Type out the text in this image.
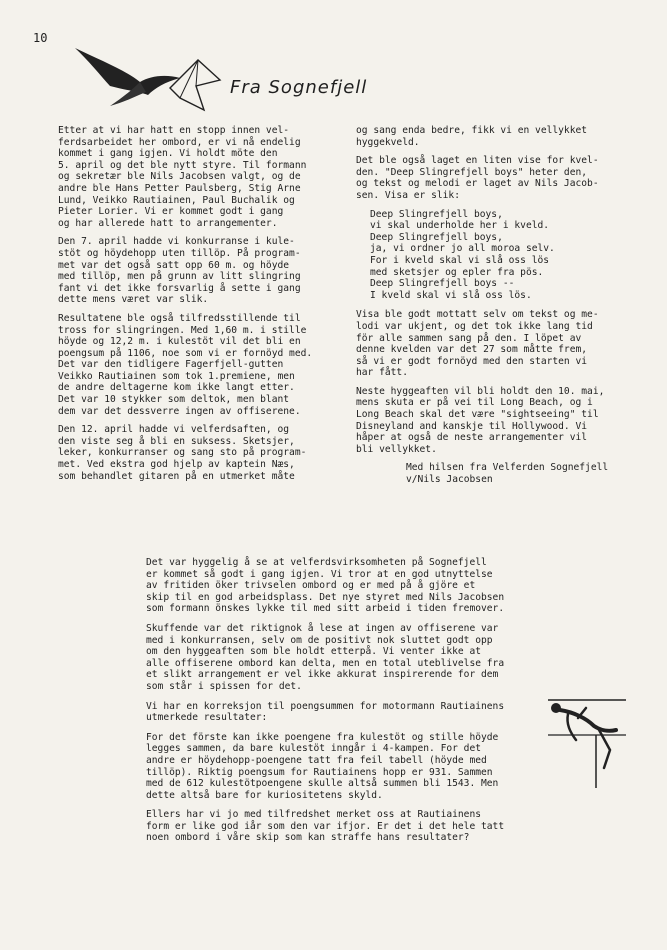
10
Fra Sognefjell

Etter at vi har hatt en stopp innen vel-
ferdsarbeidet her ombord, er vi nå endelig
kommet i gang igjen. Vi holdt möte den
5. april og det ble nytt styre. Til formann
og sekretær ble Nils Jacobsen valgt, og de
andre ble Hans Petter Paulsberg, Stig Arne
Lund, Veikko Rautiainen, Paul Buchalik og
Pieter Lorier. Vi er kommet godt i gang
og har allerede hatt to arrangementer.

Den 7. april hadde vi konkurranse i kule-
stöt og höydehopp uten tillöp. På program-
met var det også satt opp 60 m. og höyde
med tillöp, men på grunn av litt slingring
fant vi det ikke forsvarlig å sette i gang
dette mens været var slik.

Resultatene ble også tilfredsstillende til
tross for slingringen. Med 1,60 m. i stille
höyde og 12,2 m. i kulestöt vil det bli en
poengsum på 1106, noe som vi er fornöyd med.
Det var den tidligere Fagerfjell-gutten
Veikko Rautiainen som tok 1.premiene, men
de andre deltagerne kom ikke langt etter.
Det var 10 stykker som deltok, men blant
dem var det dessverre ingen av offiserene.

Den 12. april hadde vi velferdsaften, og
den viste seg å bli en suksess. Sketsjer,
leker, konkurranser og sang sto på program-
met. Ved ekstra god hjelp av kaptein Næs,
som behandlet gitaren på en utmerket måte

og sang enda bedre, fikk vi en vellykket
hyggekveld.

Det ble også laget en liten vise for kvel-
den. "Deep Slingrefjell boys" heter den,
og tekst og melodi er laget av Nils Jacob-
sen. Visa er slik:

Deep Slingrefjell boys,
vi skal underholde her i kveld.
Deep Slingrefjell boys,
ja, vi ordner jo all moroa selv.
For i kveld skal vi slå oss lös
med sketsjer og epler fra pös.
Deep Slingrefjell boys --
I kveld skal vi slå oss lös.

Visa ble godt mottatt selv om tekst og me-
lodi var ukjent, og det tok ikke lang tid
för alle sammen sang på den. I löpet av
denne kvelden var det 27 som måtte frem,
så vi er godt fornöyd med den starten vi
har fått.

Neste hyggeaften vil bli holdt den 10. mai,
mens skuta er på vei til Long Beach, og i
Long Beach skal det være "sightseeing" til
Disneyland and kanskje til Hollywood. Vi
håper at også de neste arrangementer vil
bli vellykket.

Med hilsen fra Velferden Sognefjell
v/Nils Jacobsen

Det var hyggelig å se at velferdsvirksomheten på Sognefjell
er kommet så godt i gang igjen. Vi tror at en god utnyttelse
av fritiden öker trivselen ombord og er med på å gjöre et
skip til en god arbeidsplass. Det nye styret med Nils Jacobsen
som formann önskes lykke til med sitt arbeid i tiden fremover.

Skuffende var det riktignok å lese at ingen av offiserene var
med i konkurransen, selv om de positivt nok sluttet godt opp
om den hyggeaften som ble holdt etterpå. Vi venter ikke at
alle offiserene ombord kan delta, men en total uteblivelse fra
et slikt arrangement er vel ikke akkurat inspirerende for dem
som står i spissen for det.

Vi har en korreksjon til poengsummen for motormann Rautiainens
utmerkede resultater:

For det förste kan ikke poengene fra kulestöt og stille höyde
legges sammen, da bare kulestöt inngår i 4-kampen. For det
andre er höydehopp-poengene tatt fra feil tabell (höyde med
tillöp). Riktig poengsum for Rautiainens hopp er 931. Sammen
med de 612 kulestötpoengene skulle altså summen bli 1543. Men
dette altså bare for kuriositetens skyld.

Ellers har vi jo med tilfredshet merket oss at Rautiainens
form er like god iår som den var ifjor. Er det i det hele tatt
noen ombord i våre skip som kan straffe hans resultater?
